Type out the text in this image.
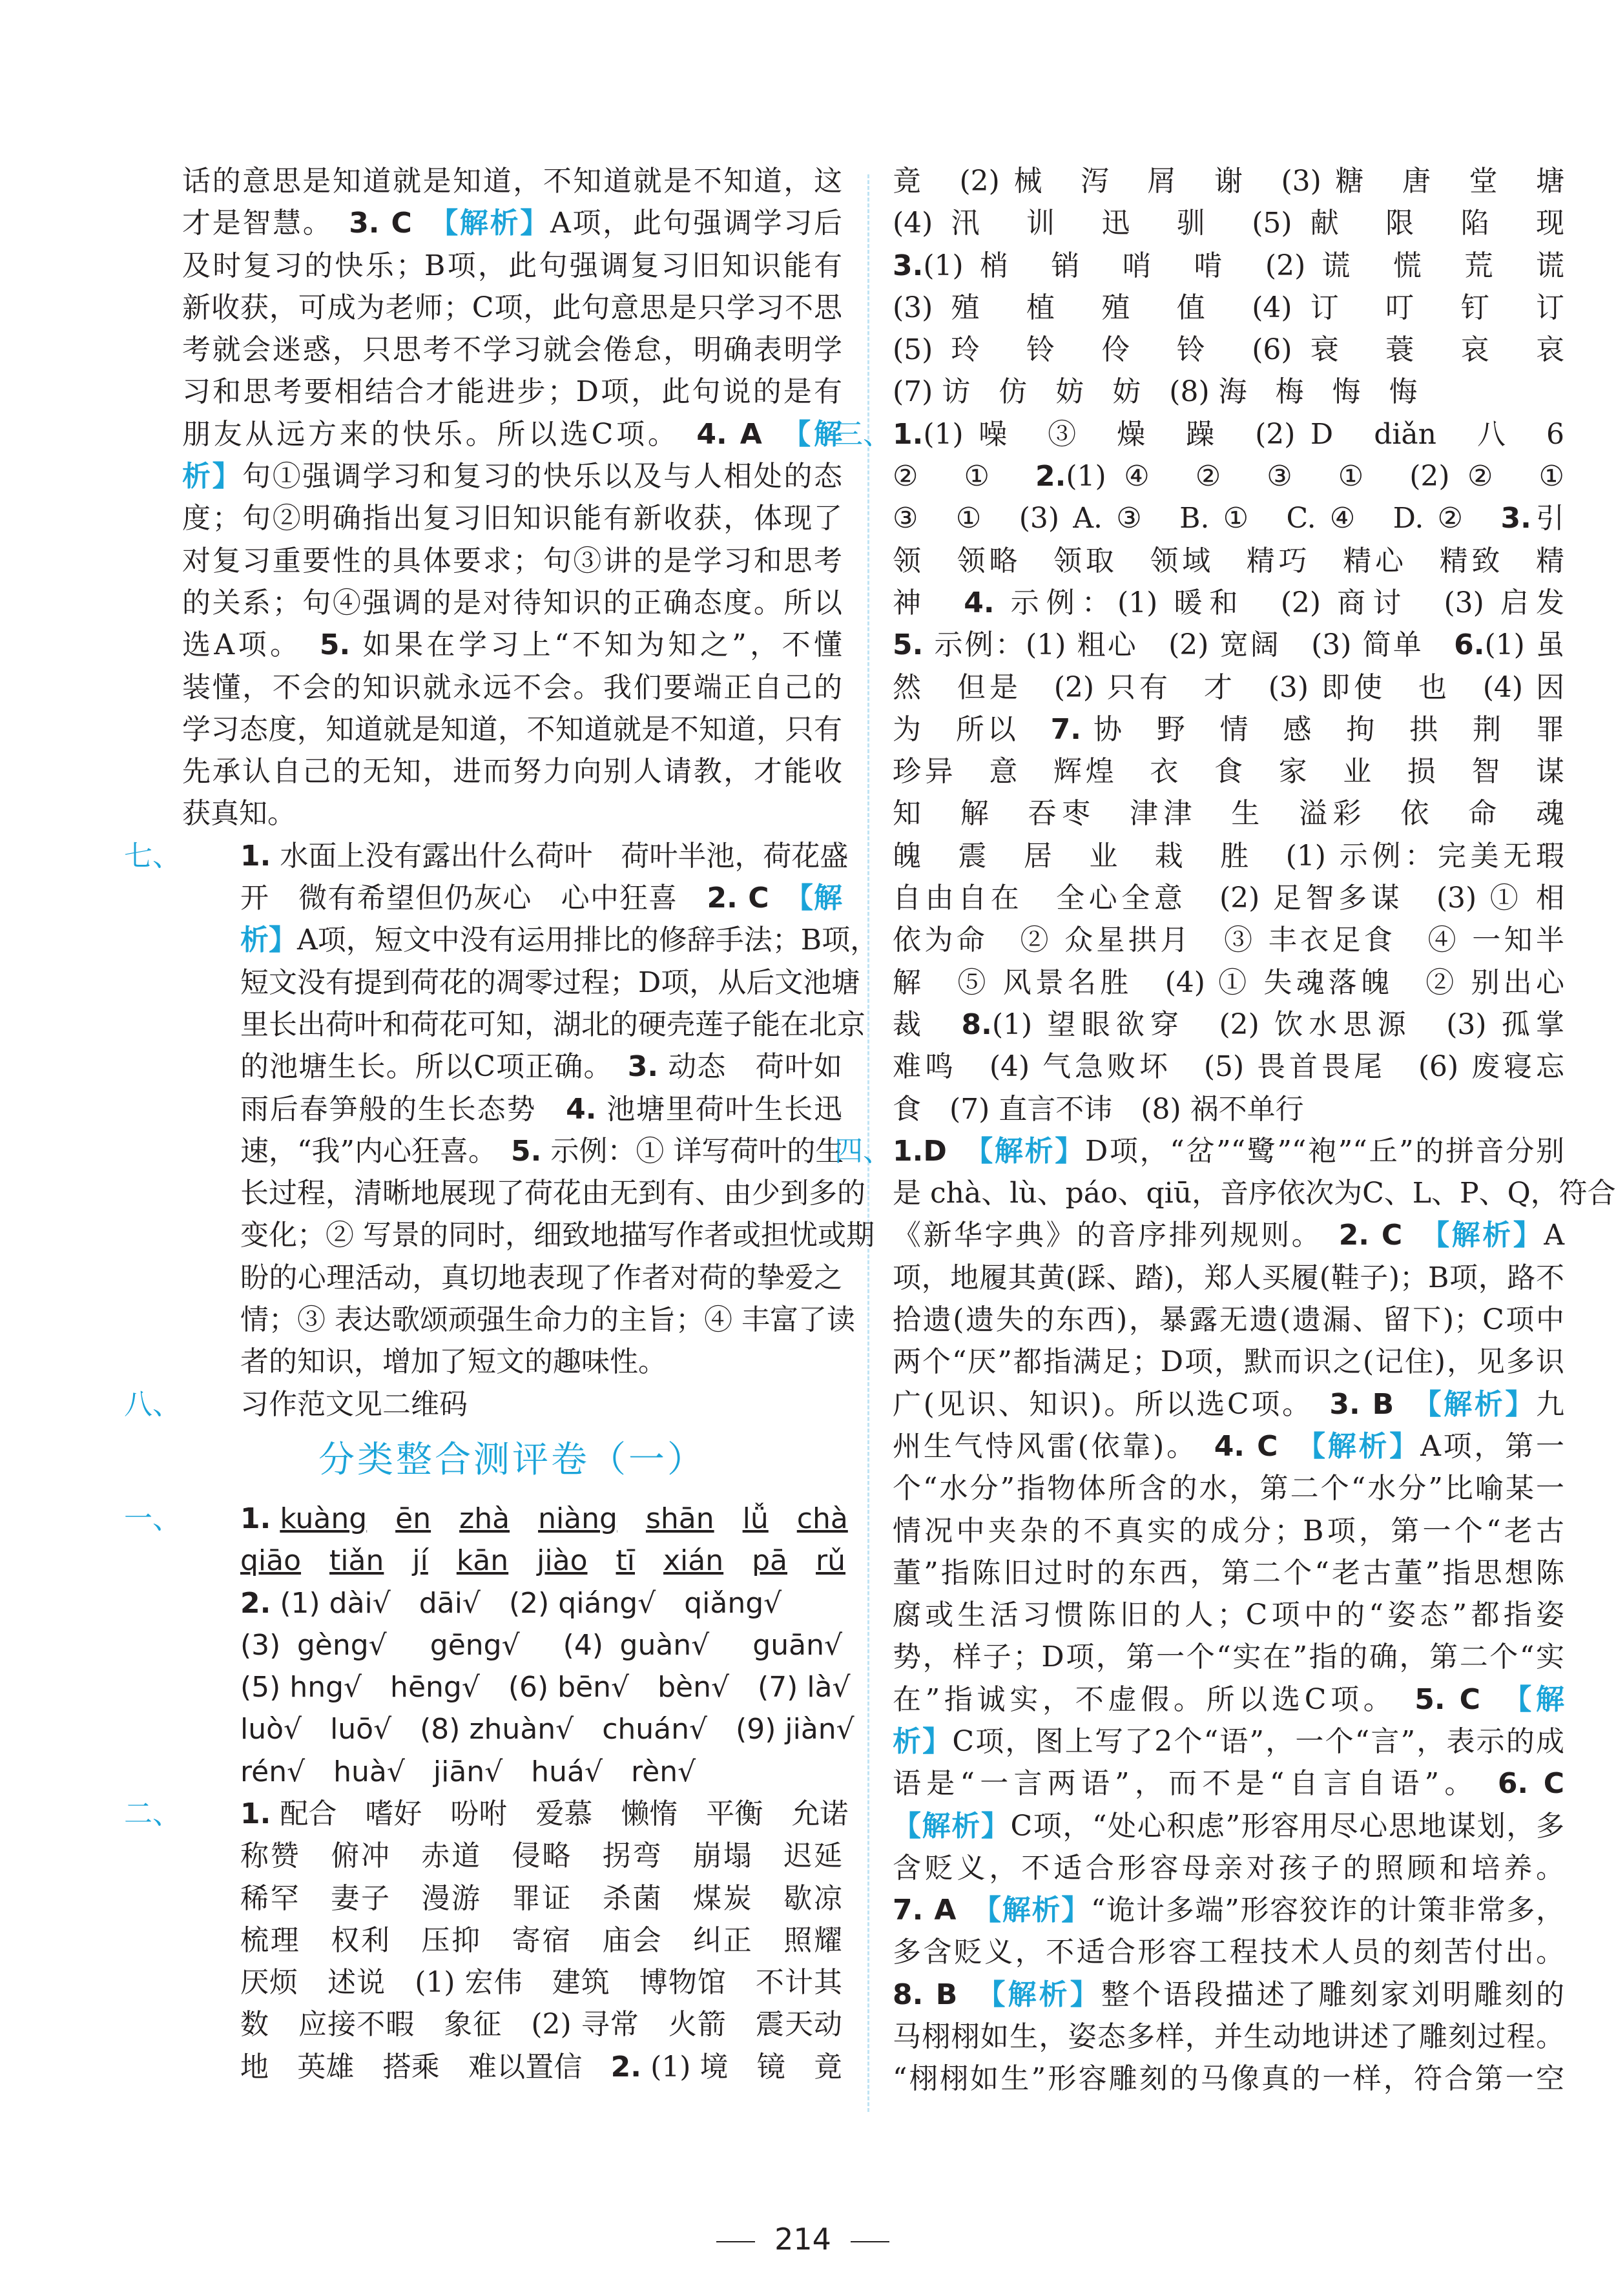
话的意思是知道就是知道，不知道就是不知道，这
才是智慧。　 3. C　 【解析】A项，此句强调学习后
及时复习的快乐；B项，此句强调复习旧知识能有
新收获，可成为老师；C项，此句意思是只学习不思
考就会迷惑，只思考不学习就会倦怠，明确表明学
习和思考要相结合才能进步；D项，此句说的是有
朋友从远方来的快乐。所以选C项。　 4. A　 【解
析】句①强调学习和复习的快乐以及与人相处的态
度；句②明确指出复习旧知识能有新收获，体现了
对复习重要性的具体要求；句③讲的是学习和思考
的关系；句④强调的是对待知识的正确态度。所以
选A项。　 5. 如果在学习上“不知为知之”，不懂
装懂，不会的知识就永远不会。我们要端正自己的
学习态度，知道就是知道，不知道就是不知道，只有
先承认自己的无知，进而努力向别人请教，才能收
获真知。
七、 1. 水面上没有露出什么荷叶　荷叶半池，荷花盛
开　微有希望但仍灰心　心中狂喜　 2. C　 【解
析】A项，短文中没有运用排比的修辞手法；B项，
短文没有提到荷花的凋零过程；D项，从后文池塘
里长出荷叶和荷花可知，湖北的硬壳莲子能在北京
的池塘生长。所以C项正确。　 3. 动态　荷叶如
雨后春笋般的生长态势　 4. 池塘里荷叶生长迅
速，“我”内心狂喜。　 5. 示例：① 详写荷叶的生
长过程，清晰地展现了荷花由无到有、由少到多的
变化；② 写景的同时，细致地描写作者或担忧或期
盼的心理活动，真切地表现了作者对荷的挚爱之
情；③ 表达歌颂顽强生命力的主旨；④ 丰富了读
者的知识，增加了短文的趣味性。
八、 习作范文见二维码
分类整合测评卷（一）
一、 1. kuàng　 ēn　 zhà　 niàng　 shān　 lǚ　 chà
qiāo　 tiǎn　 jí　 kān　 jiào　 tī　 xián　 pā　 rǔ
2. (1) dài√　dāi√　(2) qiáng√　qiǎng√
(3) gèng√　gēng√　(4) guàn√　guān√
(5) hng√　hēng√　(6) bēn√　bèn√　(7) là√
luò√　luō√　(8) zhuàn√　chuán√　(9) jiàn√
rén√　huà√　jiān√　huá√　rèn√
二、 1. 配合　嗜好　吩咐　爱慕　懒惰　平衡　允诺
称赞　俯冲　赤道　侵略　拐弯　崩塌　迟延
稀罕　妻子　漫游　罪证　杀菌　煤炭　歇凉
梳理　权利　压抑　寄宿　庙会　纠正　照耀
厌烦　述说　(1) 宏伟　建筑　博物馆　不计其
数　应接不暇　象征　(2) 寻常　火箭　震天动
地　英雄　搭乘　难以置信　 2. (1) 境　镜　竟
竟　(2) 械　泻　屑　谢　(3) 糖　唐　堂　塘
(4) 汛　训　迅　驯　(5) 献　限　陷　现
3.(1) 梢　销　哨　啃　(2) 谎　慌　荒　谎
(3) 殖　植　殖　值　(4) 订　叮　钉　订
(5) 玲　铃　伶　铃　(6) 衰　蓑　哀　哀
(7) 访　仿　妨　妨　(8) 海　梅　悔　悔
三、 1.(1) 噪　③　燥　躁　(2) D　diǎn　八　6
②　①　 2.(1) ④　②　③　①　(2) ②　①
③　①　(3) A. ③　B. ①　C. ④　D. ②　 3.引
领　领略　领取　领域　精巧　精心　精致　精
神　 4. 示例：(1) 暖和　(2) 商讨　(3) 启发
5. 示例：(1) 粗心　(2) 宽阔　(3) 简单　 6.(1) 虽
然　但是　(2) 只有　才　(3) 即使　也　(4) 因
为　所以　 7. 协　野　情　感　拘　拱　荆　罪
珍异　意　辉煌　衣　食　家　业　损　智　谋
知　解　吞枣　津津　生　溢彩　依　命　魂
魄　震　居　业　栽　胜　(1) 示例：完美无瑕
自由自在　全心全意　(2) 足智多谋　(3) ① 相
依为命　② 众星拱月　③ 丰衣足食　④ 一知半
解　⑤ 风景名胜　(4) ① 失魂落魄　② 别出心
裁　 8.(1) 望眼欲穿　(2) 饮水思源　(3) 孤掌
难鸣　(4) 气急败坏　(5) 畏首畏尾　(6) 废寝忘
食　(7) 直言不讳　(8) 祸不单行
四、 1.D　 【解析】D项，“岔”“鹭”“袍”“丘”的拼音分别
是 chà、lù、páo、qiū，音序依次为C、L、P、Q，符合
《新华字典》的音序排列规则。　 2. C　 【解析】A
项，地履其黄(踩、踏)，郑人买履(鞋子)；B项，路不
拾遗(遗失的东西)，暴露无遗(遗漏、留下)；C项中
两个“厌”都指满足；D项，默而识之(记住)，见多识
广(见识、知识)。所以选C项。　 3. B　 【解析】九
州生气恃风雷(依靠)。　 4. C　 【解析】A项，第一
个“水分”指物体所含的水，第二个“水分”比喻某一
情况中夹杂的不真实的成分；B项，第一个“老古
董”指陈旧过时的东西，第二个“老古董”指思想陈
腐或生活习惯陈旧的人；C项中的“姿态”都指姿
势，样子；D项，第一个“实在”指的确，第二个“实
在”指诚实，不虚假。所以选C项。　 5. C　 【解
析】C项，图上写了2个“语”，一个“言”，表示的成
语是“一言两语”，而不是“自言自语”。　 6. C
【解析】C项，“处心积虑”形容用尽心思地谋划，多
含贬义，不适合形容母亲对孩子的照顾和培养。
7. A　 【解析】“诡计多端”形容狡诈的计策非常多，
多含贬义，不适合形容工程技术人员的刻苦付出。
8. B　 【解析】整个语段描述了雕刻家刘明雕刻的
马栩栩如生，姿态多样，并生动地讲述了雕刻过程。
“栩栩如生”形容雕刻的马像真的一样，符合第一空
214
